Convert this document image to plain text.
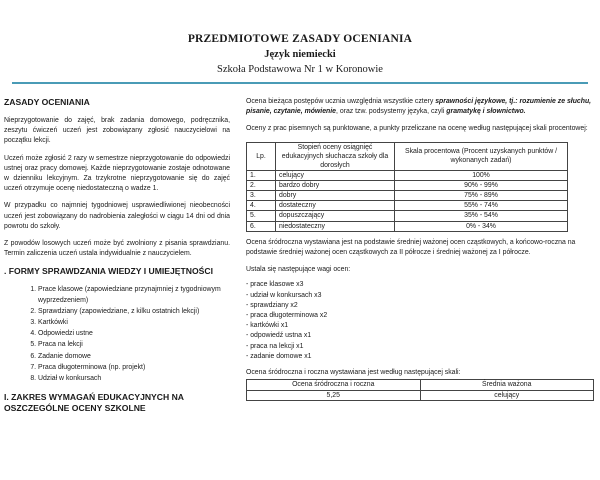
PRZEDMIOTOWE ZASADY OCENIANIA
Język niemiecki
Szkoła Podstawowa Nr 1 w Koronowie
ZASADY OCENIANIA

Nieprzygotowanie do zajęć, brak zadania domowego, podręcznika, zeszytu ćwiczeń uczeń jest zobowiązany zgłosić nauczycielowi na początku lekcji.

Uczeń może zgłosić 2 razy w semestrze nieprzygotowanie do odpowiedzi ustnej oraz pracy domowej. Każde nieprzygotowanie zostaje odnotowane w dzienniku lekcyjnym. Za trzykrotne nieprzygotowanie się do zajęć uczeń otrzymuje ocenę niedostateczną o wadze 1.

W przypadku co najmniej tygodniowej usprawiedliwionej nieobecności uczeń jest zobowiązany do nadrobienia zaległości w ciągu 14 dni od dnia powrotu do szkoły.

Z powodów losowych uczeń może być zwolniony z pisania sprawdzianu. Termin zaliczenia uczeń ustala indywidualnie z nauczycielem.

. FORMY SPRAWDZANIA WIEDZY I UMIEJĘTNOŚCI
1. Prace klasowe (zapowiedziane przynajmniej z tygodniowym wyprzedzeniem)
2. Sprawdziany (zapowiedziane, z kilku ostatnich lekcji)
3. Kartkówki
4. Odpowiedzi ustne
5. Praca na lekcji
6. Zadanie domowe
7. Praca długoterminowa (np. projekt)
8. Udział w konkursach
I. ZAKRES WYMAGAŃ EDUKACYJNYCH NA
OSZCZEGÓLNE OCENY SZKOLNE

Ocena bieżąca postępów ucznia uwzględnia wszystkie cztery sprawności językowe, tj.: rozumienie ze słuchu, pisanie, czytanie, mówienie, oraz tzw. podsystemy języka, czyli gramatykę i słownictwo.

Oceny z prac pisemnych są punktowane, a punkty przeliczane na ocenę według następującej skali procentowej:

Lp.	Stopień oceny osiągnięć edukacyjnych słuchacza szkoły dla dorosłych	Skala procentowa (Procent uzyskanych punktów / wykonanych zadań)
1.	celujący	100%
2.	bardzo dobry	90% - 99%
3.	dobry	75% - 89%
4.	dostateczny	55% - 74%
5.	dopuszczający	35% - 54%
6.	niedostateczny	0% - 34%

Ocena śródroczna wystawiana jest na podstawie średniej ważonej ocen cząstkowych, a końcowo-roczna na podstawie średniej ważonej ocen cząstkowych za II półrocze i średniej ważonej za I półrocze.

Ustala się następujące wagi ocen:

- prace klasowe x3
- udział w konkursach x3
- sprawdziany x2
- praca długoterminowa x2
- kartkówki x1
- odpowiedź ustna x1
- praca na lekcji x1
- zadanie domowe x1

Ocena śródroczna i roczna wystawiana jest według następującej skali:

Ocena śródroczna i roczna	Średnia ważona
5,25	celujący
